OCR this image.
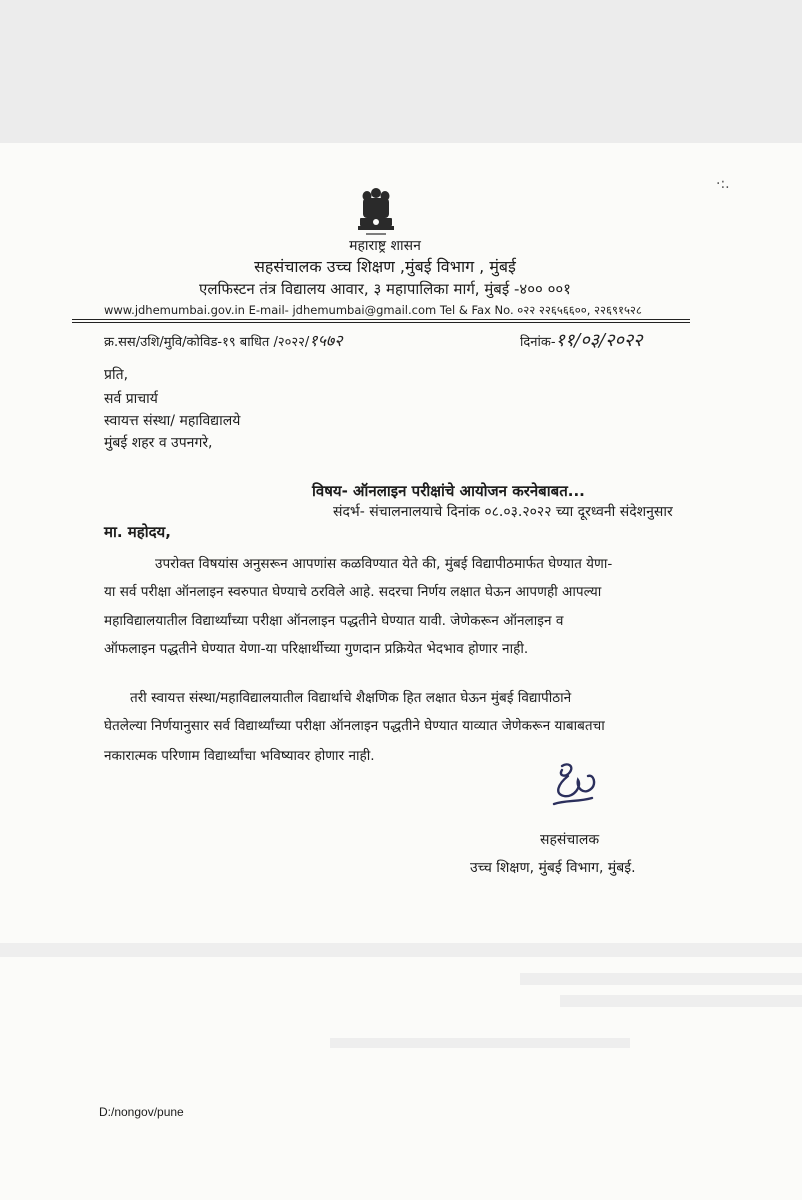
·:.
महाराष्ट्र शासन
सहसंचालक उच्च शिक्षण ,मुंबई विभाग , मुंबई
एलफिस्टन तंत्र विद्यालय आवार, ३ महापालिका मार्ग, मुंबई -४०० ००१
www.jdhemumbai.gov.in E-mail- jdhemumbai@gmail.com Tel & Fax No. ०२२ २२६५६६००, २२६९१५२८
क्र.सस/उशि/मुवि/कोविड-१९ बाधित /२०२२/१५७२	दिनांक-११/०३/२०२२
प्रति,
सर्व प्राचार्य
स्वायत्त संस्था/ महाविद्यालये
मुंबई शहर व उपनगरे,
विषय- ऑनलाइन परीक्षांचे आयोजन करनेबाबत...
संदर्भ- संचालनालयाचे दिनांक ०८.०३.२०२२ च्या दूरध्वनी संदेशनुसार
मा. महोदय,
उपरोक्त विषयांस अनुसरून आपणांस कळविण्यात येते की, मुंबई विद्यापीठमार्फत घेण्यात येणा-
या सर्व परीक्षा ऑनलाइन स्वरुपात घेण्याचे ठरविले आहे. सदरचा निर्णय लक्षात घेऊन आपणही आपल्या
महाविद्यालयातील विद्यार्थ्यांच्या परीक्षा ऑनलाइन पद्धतीने घेण्यात यावी. जेणेकरून ऑनलाइन व
ऑफलाइन पद्धतीने घेण्यात येणा-या परिक्षार्थीच्या गुणदान प्रक्रियेत भेदभाव होणार नाही.
तरी स्वायत्त संस्था/महाविद्यालयातील विद्यार्थाचे शैक्षणिक हित लक्षात घेऊन मुंबई विद्यापीठाने
घेतलेल्या निर्णयानुसार सर्व विद्यार्थ्यांच्या परीक्षा ऑनलाइन पद्धतीने घेण्यात याव्यात जेणेकरून याबाबतचा
नकारात्मक परिणाम विद्यार्थ्यांचा भविष्यावर होणार नाही.
सहसंचालक
उच्च शिक्षण, मुंबई विभाग, मुंबई.
D:/nongov/pune
